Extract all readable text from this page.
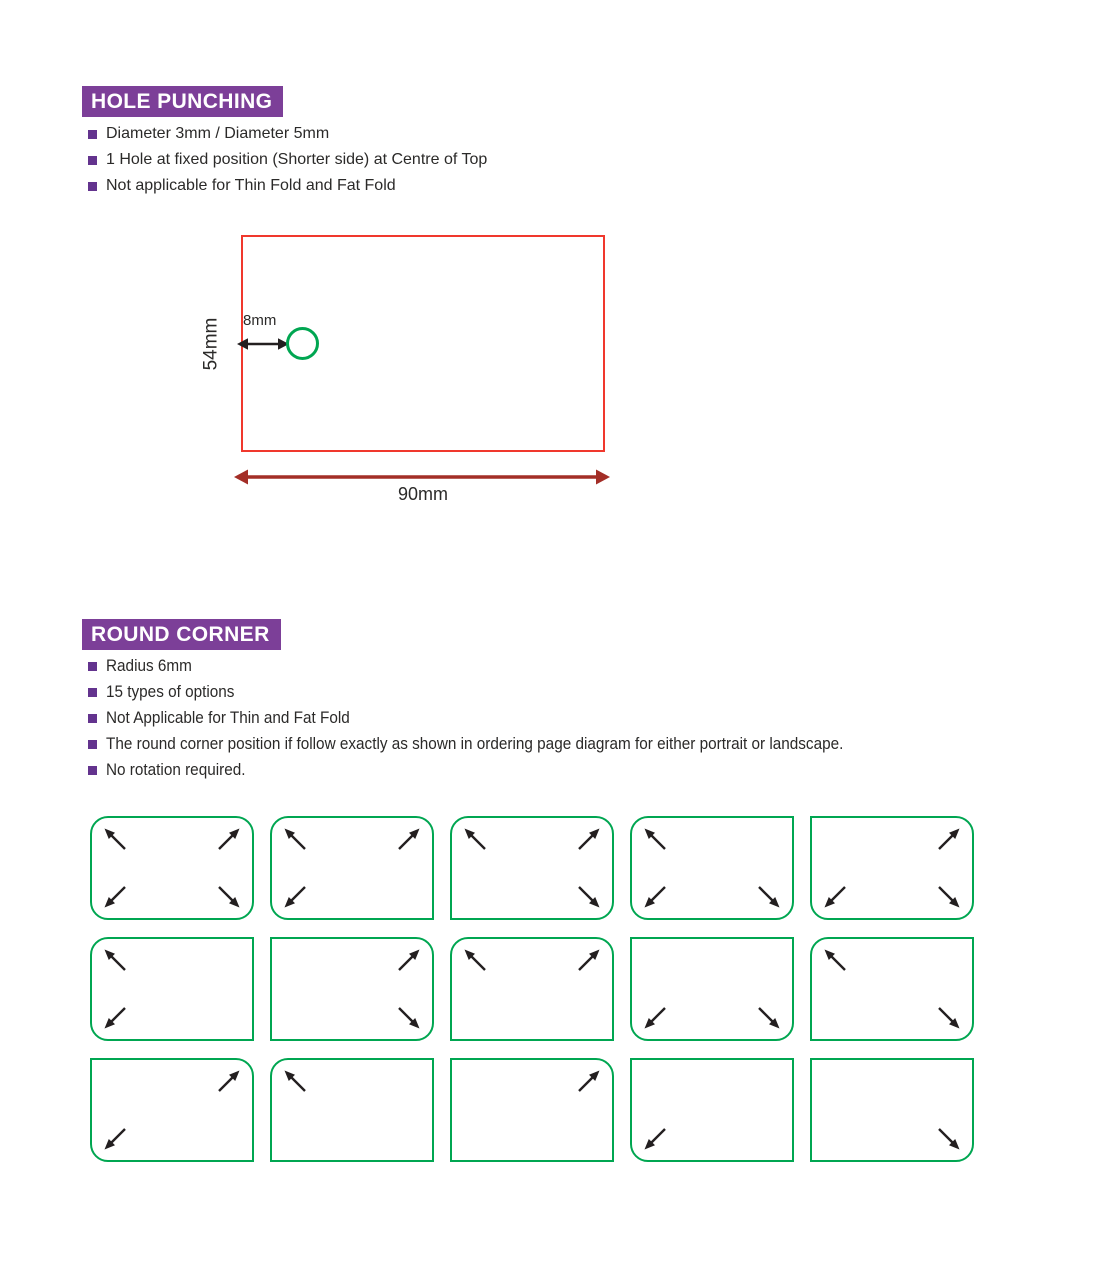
HOLE PUNCHING
Diameter 3mm / Diameter 5mm
1 Hole at fixed position (Shorter side) at Centre of Top
Not applicable for Thin Fold and Fat Fold
54mm 8mm
90mm
ROUND CORNER
Radius 6mm
15 types of options
Not Applicable for Thin and Fat Fold
The round corner position if follow exactly as shown in ordering page diagram for either portrait or landscape.
No rotation required.
